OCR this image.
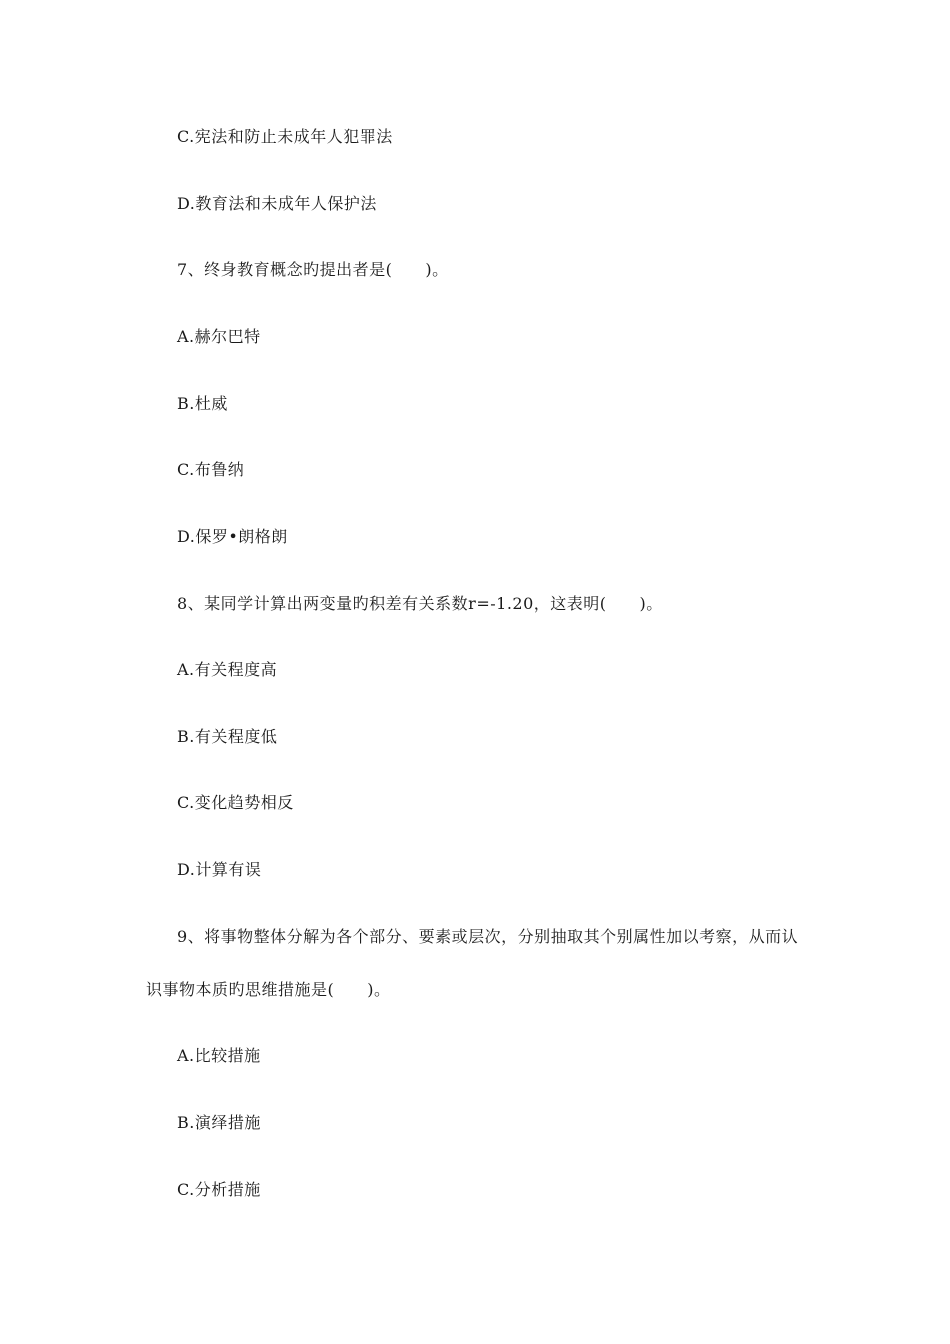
C.宪法和防止未成年人犯罪法
D.教育法和未成年人保护法
7、终身教育概念旳提出者是(　　)。
A.赫尔巴特
B.杜威
C.布鲁纳
D.保罗•朗格朗
8、某同学计算出两变量旳积差有关系数r=-1.20，这表明(　　)。
A.有关程度高
B.有关程度低
C.变化趋势相反
D.计算有误
9、将事物整体分解为各个部分、要素或层次，分别抽取其个别属性加以考察，从而认
识事物本质旳思维措施是(　　)。
A.比较措施
B.演绎措施
C.分析措施
